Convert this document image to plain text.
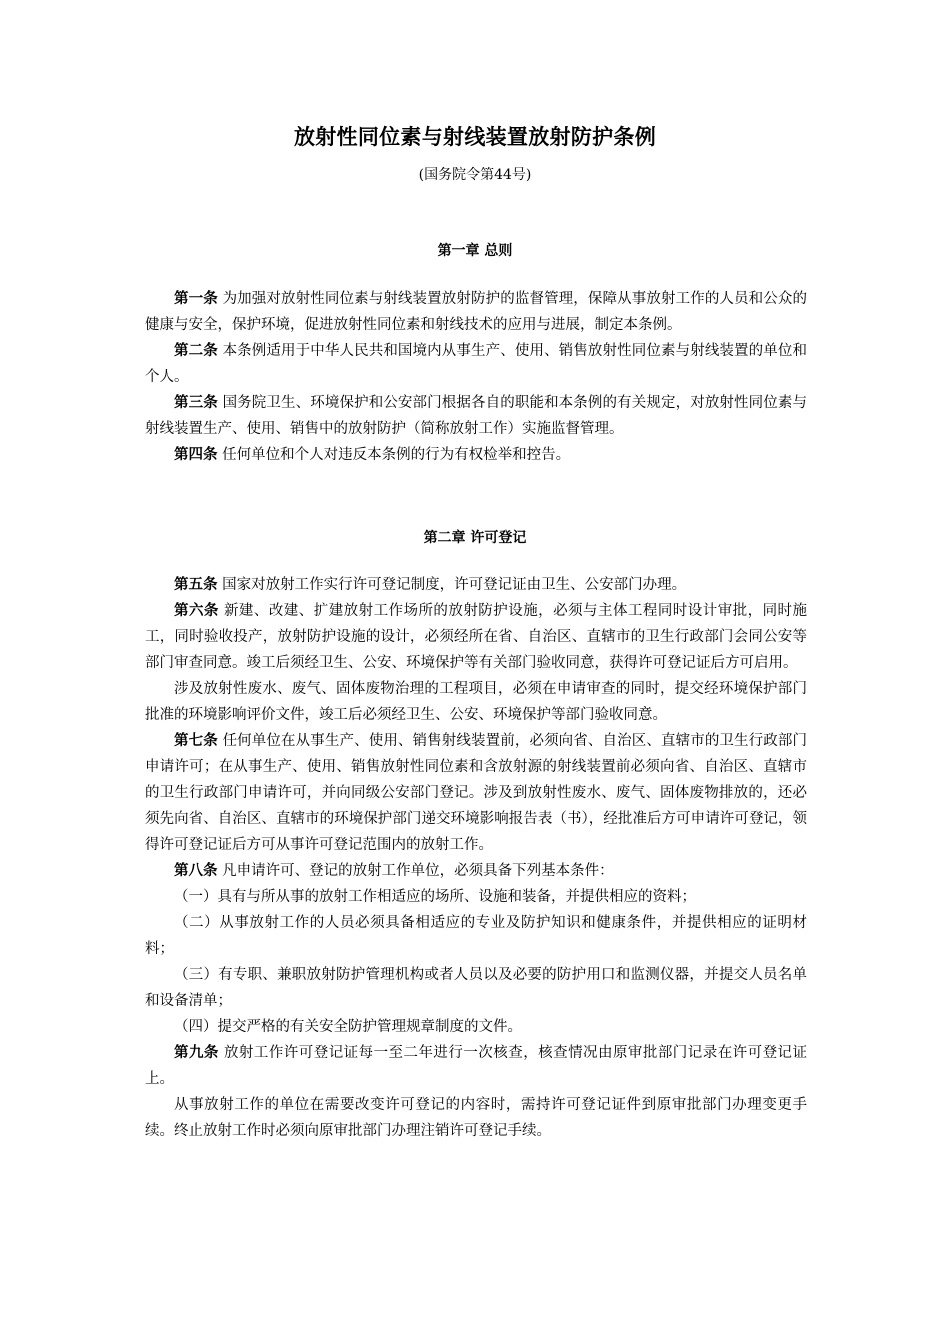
放射性同位素与射线装置放射防护条例
(国务院令第44号)
第一章 总则

第一条 为加强对放射性同位素与射线装置放射防护的监督管理，保障从事放射工作的人员和公众的健康与安全，保护环境，促进放射性同位素和射线技术的应用与进展，制定本条例。

第二条 本条例适用于中华人民共和国境内从事生产、使用、销售放射性同位素与射线装置的单位和个人。

第三条 国务院卫生、环境保护和公安部门根据各自的职能和本条例的有关规定，对放射性同位素与射线装置生产、使用、销售中的放射防护（简称放射工作）实施监督管理。

第四条 任何单位和个人对违反本条例的行为有权检举和控告。

第二章 许可登记

第五条 国家对放射工作实行许可登记制度，许可登记证由卫生、公安部门办理。

第六条 新建、改建、扩建放射工作场所的放射防护设施，必须与主体工程同时设计审批，同时施工，同时验收投产，放射防护设施的设计，必须经所在省、自治区、直辖市的卫生行政部门会同公安等部门审查同意。竣工后须经卫生、公安、环境保护等有关部门验收同意，获得许可登记证后方可启用。

涉及放射性废水、废气、固体废物治理的工程项目，必须在申请审查的同时，提交经环境保护部门批准的环境影响评价文件，竣工后必须经卫生、公安、环境保护等部门验收同意。

第七条 任何单位在从事生产、使用、销售射线装置前，必须向省、自治区、直辖市的卫生行政部门申请许可；在从事生产、使用、销售放射性同位素和含放射源的射线装置前必须向省、自治区、直辖市的卫生行政部门申请许可，并向同级公安部门登记。涉及到放射性废水、废气、固体废物排放的，还必须先向省、自治区、直辖市的环境保护部门递交环境影响报告表（书），经批准后方可申请许可登记，领得许可登记证后方可从事许可登记范围内的放射工作。

第八条 凡申请许可、登记的放射工作单位，必须具备下列基本条件：

（一）具有与所从事的放射工作相适应的场所、设施和装备，并提供相应的资料；

（二）从事放射工作的人员必须具备相适应的专业及防护知识和健康条件，并提供相应的证明材料；

（三）有专职、兼职放射防护管理机构或者人员以及必要的防护用口和监测仪器，并提交人员名单和设备清单；

（四）提交严格的有关安全防护管理规章制度的文件。

第九条 放射工作许可登记证每一至二年进行一次核查，核查情况由原审批部门记录在许可登记证上。

从事放射工作的单位在需要改变许可登记的内容时，需持许可登记证件到原审批部门办理变更手续。终止放射工作时必须向原审批部门办理注销许可登记手续。
